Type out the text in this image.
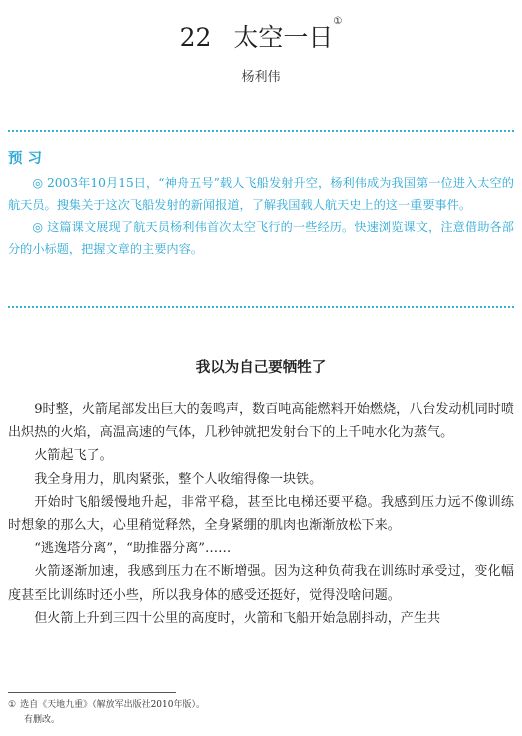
22 太空一日①
杨利伟
预习

◎ 2003年10月15日，“神舟五号”载人飞船发射升空，杨利伟成为我国第一位进入太空的航天员。搜集关于这次飞船发射的新闻报道，了解我国载人航天史上的这一重要事件。

◎ 这篇课文展现了航天员杨利伟首次太空飞行的一些经历。快速浏览课文，注意借助各部分的小标题，把握文章的主要内容。

我以为自己要牺牲了

9时整，火箭尾部发出巨大的轰鸣声，数百吨高能燃料开始燃烧，八台发动机同时喷出炽热的火焰，高温高速的气体，几秒钟就把发射台下的上千吨水化为蒸气。

火箭起飞了。

我全身用力，肌肉紧张，整个人收缩得像一块铁。

开始时飞船缓慢地升起，非常平稳，甚至比电梯还要平稳。我感到压力远不像训练时想象的那么大，心里稍觉释然，全身紧绷的肌肉也渐渐放松下来。

“逃逸塔分离”，“助推器分离”……

火箭逐渐加速，我感到压力在不断增强。因为这种负荷我在训练时承受过，变化幅度甚至比训练时还小些，所以我身体的感受还挺好，觉得没啥问题。

但火箭上升到三四十公里的高度时，火箭和飞船开始急剧抖动，产生共

① 选自《天地九重》（解放军出版社2010年版）。
有删改。
